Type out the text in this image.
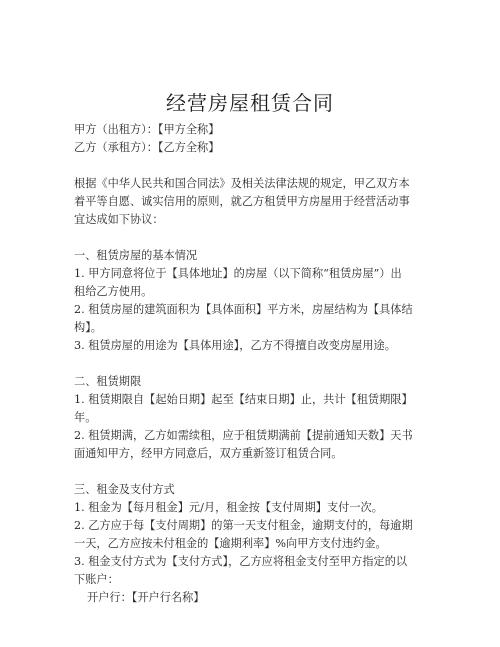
经营房屋租赁合同
甲方（出租方）：【甲方全称】
乙方（承租方）：【乙方全称】
根据《中华人民共和国合同法》及相关法律法规的规定，甲乙双方本
着平等自愿、诚实信用的原则，就乙方租赁甲方房屋用于经营活动事
宜达成如下协议：
一、租赁房屋的基本情况
1. 甲方同意将位于【具体地址】的房屋（以下简称“租赁房屋”）出
租给乙方使用。
2. 租赁房屋的建筑面积为【具体面积】平方米，房屋结构为【具体结
构】。
3. 租赁房屋的用途为【具体用途】，乙方不得擅自改变房屋用途。
二、租赁期限
1. 租赁期限自【起始日期】起至【结束日期】止，共计【租赁期限】
年。
2. 租赁期满，乙方如需续租，应于租赁期满前【提前通知天数】天书
面通知甲方，经甲方同意后，双方重新签订租赁合同。
三、租金及支付方式
1. 租金为【每月租金】元/月，租金按【支付周期】支付一次。
2. 乙方应于每【支付周期】的第一天支付租金，逾期支付的，每逾期
一天，乙方应按未付租金的【逾期利率】%向甲方支付违约金。
3. 租金支付方式为【支付方式】，乙方应将租金支付至甲方指定的以
下账户：
开户行：【开户行名称】
